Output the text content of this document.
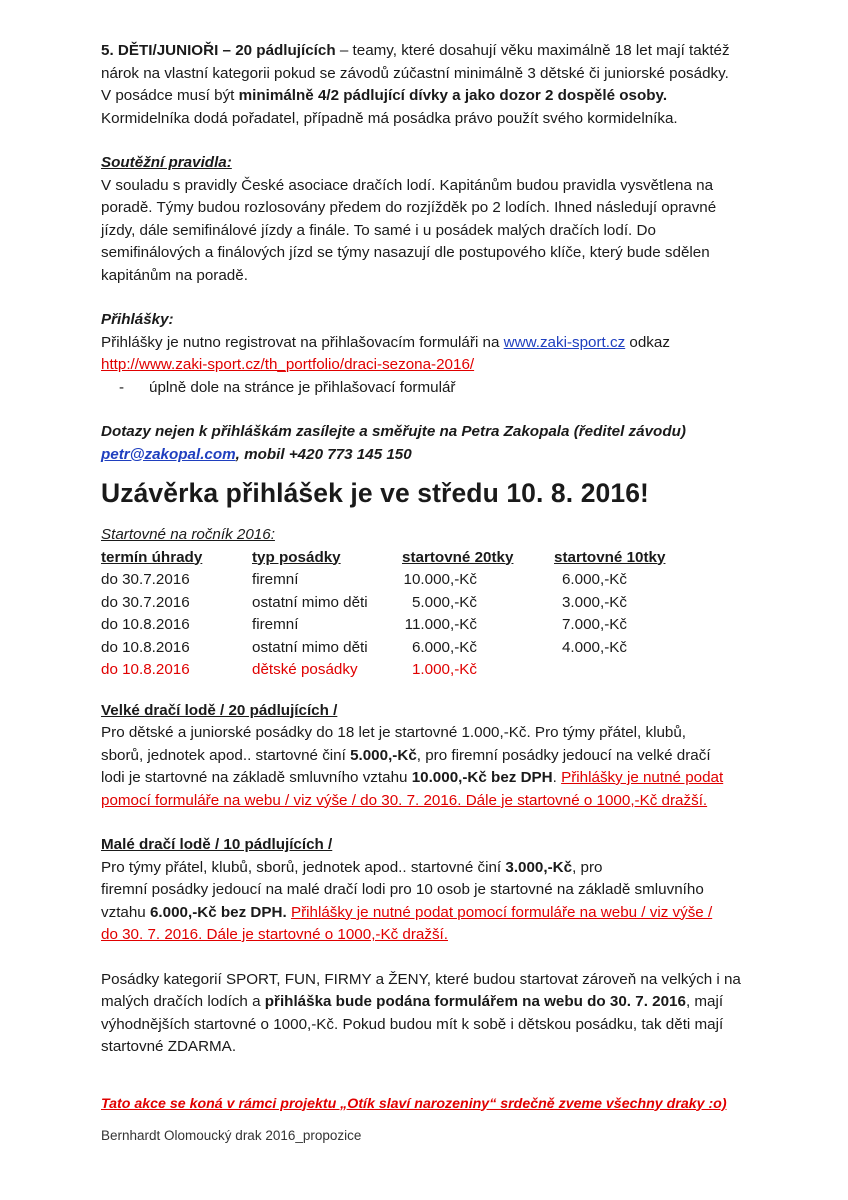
5. DĚTI/JUNIOŘI – 20 pádlujících – teamy, které dosahují věku maximálně 18 let mají taktéž

nárok na vlastní kategorii pokud se závodů zúčastní minimálně 3 dětské či juniorské posádky.

V posádce musí být minimálně 4/2 pádlující dívky a jako dozor 2 dospělé osoby.

Kormidelníka dodá pořadatel, případně má posádka právo použít svého kormidelníka.

Soutěžní pravidla:

V souladu s pravidly České asociace dračích lodí. Kapitánům budou pravidla vysvětlena na

poradě. Týmy budou rozlosovány předem do rozjížděk po 2 lodích. Ihned následují opravné

jízdy, dále semifinálové jízdy a finále. To samé i u posádek malých dračích lodí. Do

semifinálových a finálových jízd se týmy nasazují dle postupového klíče, který bude sdělen

kapitánům na poradě.

Přihlášky:

Přihlášky je nutno registrovat na přihlašovacím formuláři na www.zaki-sport.cz odkaz

http://www.zaki-sport.cz/th_portfolio/draci-sezona-2016/

- úplně dole na stránce je přihlašovací formulář

Dotazy nejen k přihláškám zasílejte a směřujte na Petra Zakopala (ředitel závodu)

petr@zakopal.com, mobil +420 773 145 150

Uzávěrka přihlášek je ve středu 10. 8. 2016!

Startovné na ročník 2016:

termín úhrady	typ posádky	startovné 20tky	startovné 10tky
do 30.7.2016	firemní	10.000,-Kč	6.000,-Kč
do 30.7.2016	ostatní mimo děti	5.000,-Kč	3.000,-Kč
do 10.8.2016	firemní	11.000,-Kč	7.000,-Kč
do 10.8.2016	ostatní mimo děti	6.000,-Kč	4.000,-Kč
do 10.8.2016	dětské posádky	1.000,-Kč	

Velké dračí lodě / 20 pádlujících /

Pro dětské a juniorské posádky do 18 let je startovné 1.000,-Kč. Pro týmy přátel, klubů,

sborů, jednotek apod.. startovné činí 5.000,-Kč, pro firemní posádky jedoucí na velké dračí

lodi je startovné na základě smluvního vztahu 10.000,-Kč bez DPH. Přihlášky je nutné podat

pomocí formuláře na webu / viz výše / do 30. 7. 2016. Dále je startovné o 1000,-Kč dražší.

Malé dračí lodě / 10 pádlujících /

Pro týmy přátel, klubů, sborů, jednotek apod.. startovné činí 3.000,-Kč, pro

firemní posádky jedoucí na malé dračí lodi pro 10 osob je startovné na základě smluvního

vztahu 6.000,-Kč bez DPH. Přihlášky je nutné podat pomocí formuláře na webu / viz výše /

do 30. 7. 2016. Dále je startovné o 1000,-Kč dražší.

Posádky kategorií SPORT, FUN, FIRMY a ŽENY, které budou startovat zároveň na velkých i na

malých dračích lodích a přihláška bude podána formulářem na webu do 30. 7. 2016, mají

výhodnějších startovné o 1000,-Kč. Pokud budou mít k sobě i dětskou posádku, tak děti mají

startovné ZDARMA.

Tato akce se koná v rámci projektu „Otík slaví narozeniny“ srdečně zveme všechny draky :o)

Bernhardt Olomoucký drak 2016_propozice
